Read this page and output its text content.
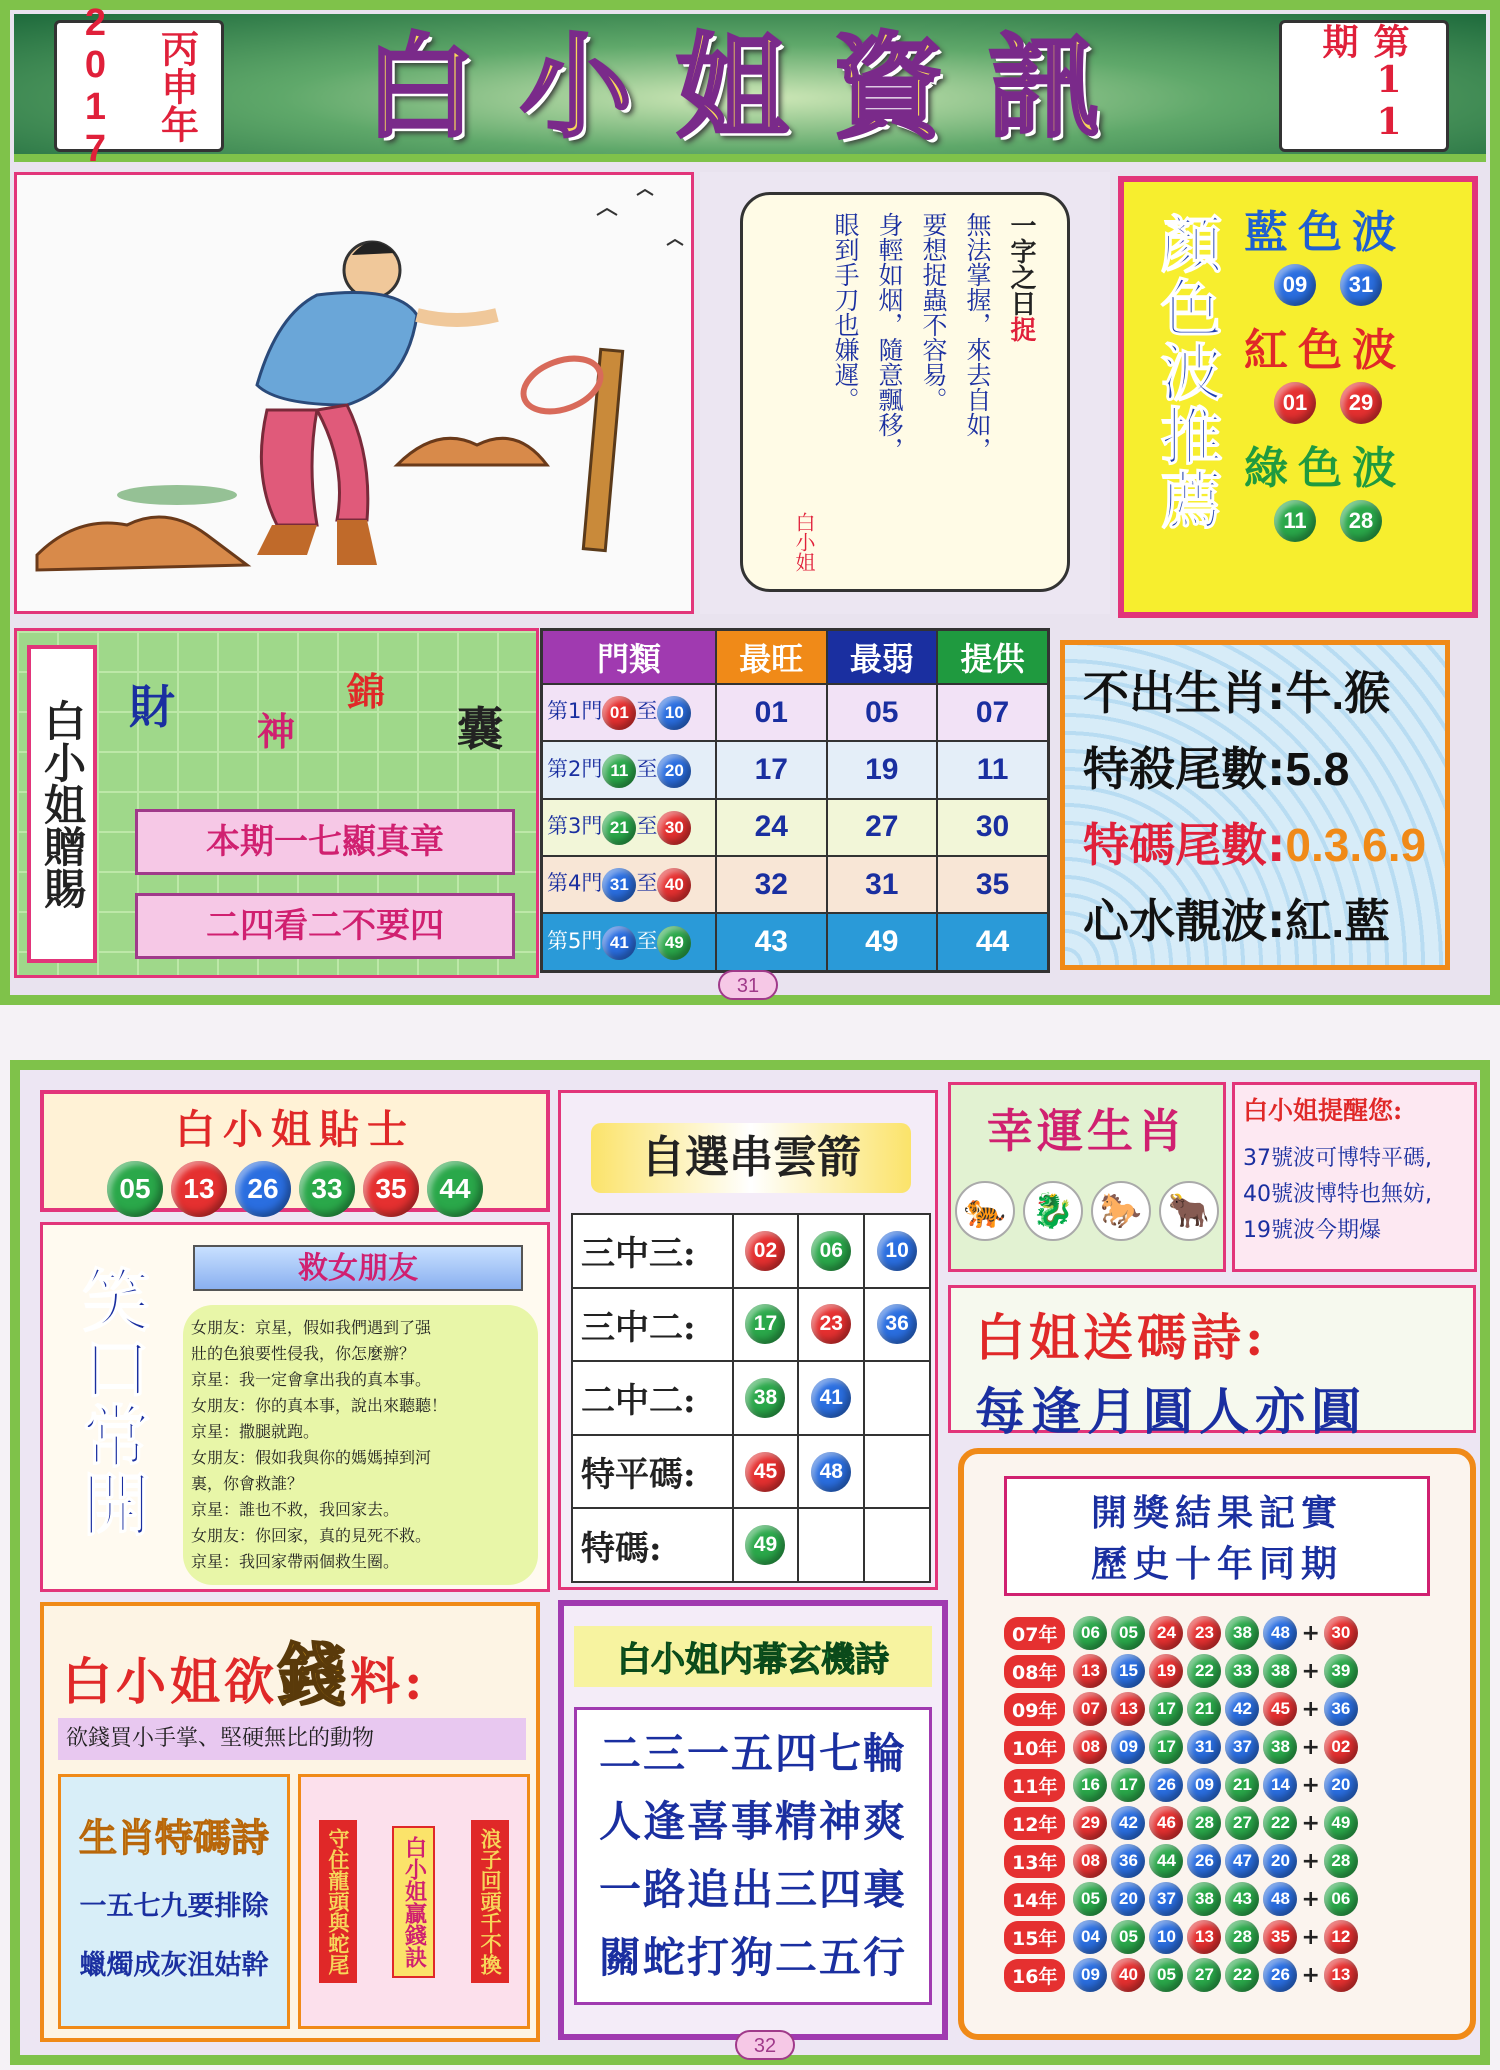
2017 丙申年	白小姐資訊	第11期
一字之日捉
無法掌握，來去自如，
要想捉蟲不容易。
身輕如烟，隨意飄移，
眼到手刀也嫌遲。
白小姐
顏色波推薦 藍色波
09	31
紅色波
01	29
綠色波
11	28
白小姐贈賜 財 神
錦
囊
本期一七顯真章
二四看二不要四
門類	最旺	最弱	提供
第1門 01 至 10	01	05	07
第2門 11 至 20	17	19	11
第3門 21 至 30	24	27	30
第4門 31 至 40	32	31	35
第5門 41 至 49	43	49	44
不出生肖:牛.猴
特殺尾數:5.8
特碼尾數:0.3.6.9
心水靚波:紅.藍
31
白小姐貼士
05	13	26	33	35	44
笑口常開	救女朋友
女朋友：京星，假如我們遇到了强
壯的色狼要性侵我，你怎麼辦？
京星：我一定會拿出我的真本事。
女朋友：你的真本事，說出來聽聽！
京星：撒腿就跑。
女朋友：假如我與你的媽媽掉到河
裏，你會救誰？
京星：誰也不救，我回家去。
女朋友：你回家，真的見死不救。
京星：我回家帶兩個救生圈。
自選串雲箭
三中三:	02	06	10
三中二:	17	23	36
二中二:	38	41	
特平碼:	45	48	
特碼:	49		
幸運生肖
🐅 🐉 🐎 🐂
白小姐提醒您:
37號波可博特平碼,
40號波博特也無妨,
19號波今期爆
白姐送碼詩:
每逢月圓人亦圓
白小姐欲錢料:
欲錢買小手掌、堅硬無比的動物
生肖特碼詩
一五七九要排除
蠟燭成灰沮姑幹	守住龍頭與蛇尾	白小姐贏錢訣	浪子回頭千不換
白小姐内幕玄機詩
二三一五四七輪
人逢喜事精神爽
一路追出三四裏
關蛇打狗二五行
開獎結果記實
歷史十年同期
07年	06	05	24	23	38	48 + 30
08年	13	15	19	22	33	38 + 39
09年	07	13	17	21	42	45 + 36
10年	08	09	17	31	37	38 + 02
11年	16	17	26	09	21	14 + 20
12年	29	42	46	28	27	22 + 49
13年	08	36	44	26	47	20 + 28
14年	05	20	37	38	43	48 + 06
15年	04	05	10	13	28	35 + 12
16年	09	40	05	27	22	26 + 13
32
